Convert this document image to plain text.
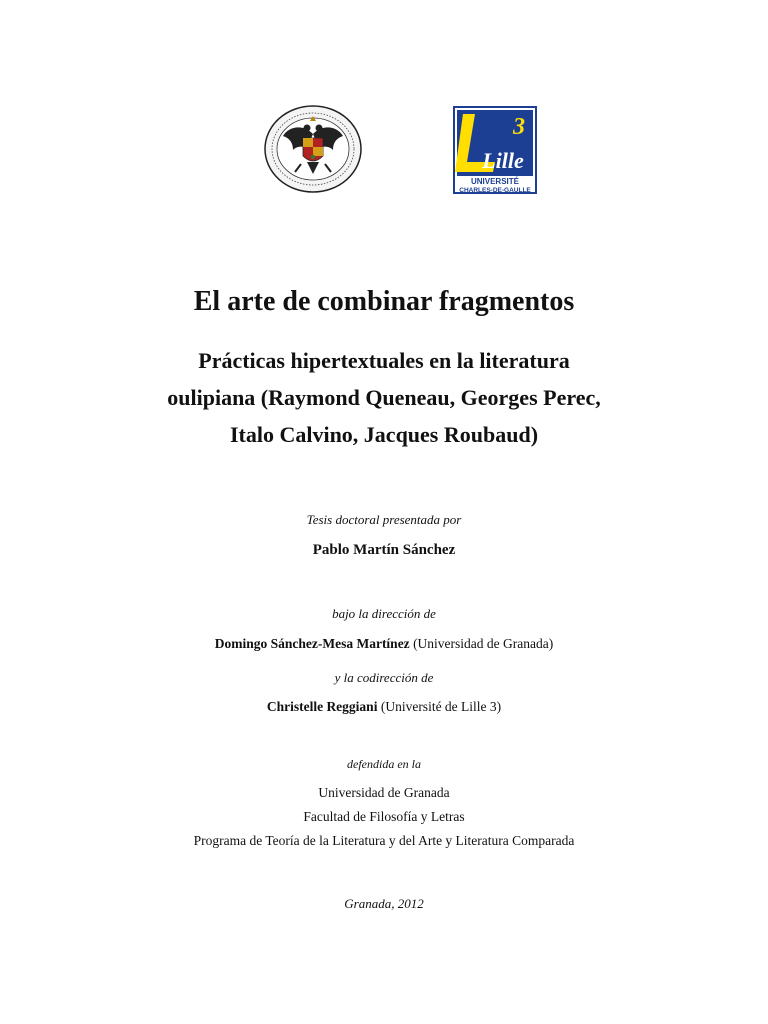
3
Lille
UNIVERSITÉ
CHARLES-DE-GAULLE
El arte de combinar fragmentos
Prácticas hipertextuales en la literatura
oulipiana (Raymond Queneau, Georges Perec,
Italo Calvino, Jacques Roubaud)
Tesis doctoral presentada por
Pablo Martín Sánchez
bajo la dirección de
Domingo Sánchez-Mesa Martínez (Universidad de Granada)
y la codirección de
Christelle Reggiani (Université de Lille 3)
defendida en la
Universidad de Granada
Facultad de Filosofía y Letras
Programa de Teoría de la Literatura y del Arte y Literatura Comparada
Granada, 2012
